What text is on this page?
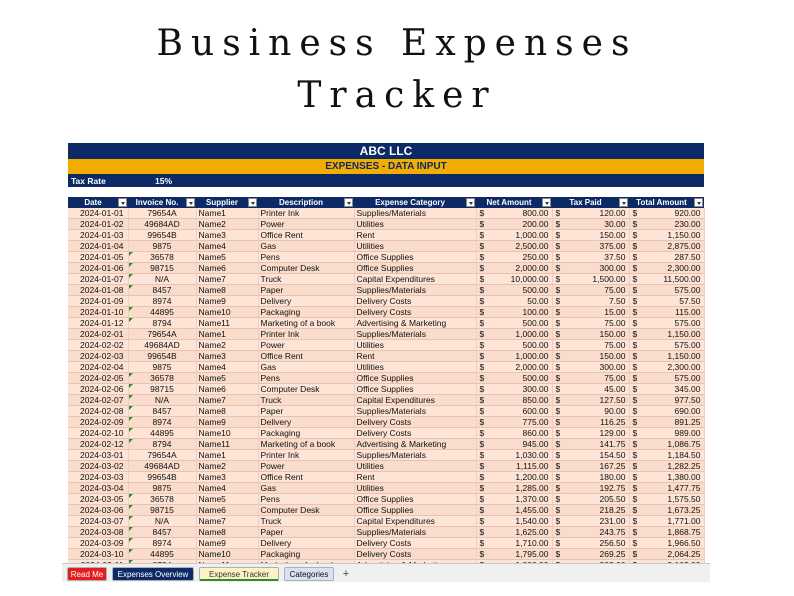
Business Expenses
Tracker
ABC LLC
EXPENSES - DATA INPUT
Tax Rate	15%
Date	Invoice No.	Supplier	Description	Expense Category	Net Amount	Tax Paid	Total Amount

2024-01-01	79654A	Name1	Printer Ink	Supplies/Materials	$ 800.00	$ 120.00	$ 920.00
2024-01-02	49684AD	Name2	Power	Utilities	$ 200.00	$ 30.00	$ 230.00
2024-01-03	99654B	Name3	Office Rent	Rent	$ 1,000.00	$ 150.00	$ 1,150.00
2024-01-04	9875	Name4	Gas	Utilities	$ 2,500.00	$ 375.00	$ 2,875.00
2024-01-05	36578	Name5	Pens	Office Supplies	$ 250.00	$ 37.50	$ 287.50
2024-01-06	98715	Name6	Computer Desk	Office Supplies	$ 2,000.00	$ 300.00	$ 2,300.00
2024-01-07	N/A	Name7	Truck	Capital Expenditures	$ 10,000.00	$ 1,500.00	$ 11,500.00
2024-01-08	8457	Name8	Paper	Supplies/Materials	$ 500.00	$ 75.00	$ 575.00
2024-01-09	8974	Name9	Delivery	Delivery Costs	$ 50.00	$ 7.50	$ 57.50
2024-01-10	44895	Name10	Packaging	Delivery Costs	$ 100.00	$ 15.00	$ 115.00
2024-01-12	8794	Name11	Marketing of a book	Advertising & Marketing	$ 500.00	$ 75.00	$ 575.00
2024-02-01	79654A	Name1	Printer Ink	Supplies/Materials	$ 1,000.00	$ 150.00	$ 1,150.00
2024-02-02	49684AD	Name2	Power	Utilities	$ 500.00	$ 75.00	$ 575.00
2024-02-03	99654B	Name3	Office Rent	Rent	$ 1,000.00	$ 150.00	$ 1,150.00
2024-02-04	9875	Name4	Gas	Utilities	$ 2,000.00	$ 300.00	$ 2,300.00
2024-02-05	36578	Name5	Pens	Office Supplies	$ 500.00	$ 75.00	$ 575.00
2024-02-06	98715	Name6	Computer Desk	Office Supplies	$ 300.00	$ 45.00	$ 345.00
2024-02-07	N/A	Name7	Truck	Capital Expenditures	$ 850.00	$ 127.50	$ 977.50
2024-02-08	8457	Name8	Paper	Supplies/Materials	$ 600.00	$ 90.00	$ 690.00
2024-02-09	8974	Name9	Delivery	Delivery Costs	$ 775.00	$ 116.25	$ 891.25
2024-02-10	44895	Name10	Packaging	Delivery Costs	$ 860.00	$ 129.00	$ 989.00
2024-02-12	8794	Name11	Marketing of a book	Advertising & Marketing	$ 945.00	$ 141.75	$ 1,086.75
2024-03-01	79654A	Name1	Printer Ink	Supplies/Materials	$ 1,030.00	$ 154.50	$ 1,184.50
2024-03-02	49684AD	Name2	Power	Utilities	$ 1,115.00	$ 167.25	$ 1,282.25
2024-03-03	99654B	Name3	Office Rent	Rent	$ 1,200.00	$ 180.00	$ 1,380.00
2024-03-04	9875	Name4	Gas	Utilities	$ 1,285.00	$ 192.75	$ 1,477.75
2024-03-05	36578	Name5	Pens	Office Supplies	$ 1,370.00	$ 205.50	$ 1,575.50
2024-03-06	98715	Name6	Computer Desk	Office Supplies	$ 1,455.00	$ 218.25	$ 1,673.25
2024-03-07	N/A	Name7	Truck	Capital Expenditures	$ 1,540.00	$ 231.00	$ 1,771.00
2024-03-08	8457	Name8	Paper	Supplies/Materials	$ 1,625.00	$ 243.75	$ 1,868.75
2024-03-09	8974	Name9	Delivery	Delivery Costs	$ 1,710.00	$ 256.50	$ 1,966.50
2024-03-10	44895	Name10	Packaging	Delivery Costs	$ 1,795.00	$ 269.25	$ 2,064.25

Read Me	Expenses Overview	Expense Tracker	Categories	+
